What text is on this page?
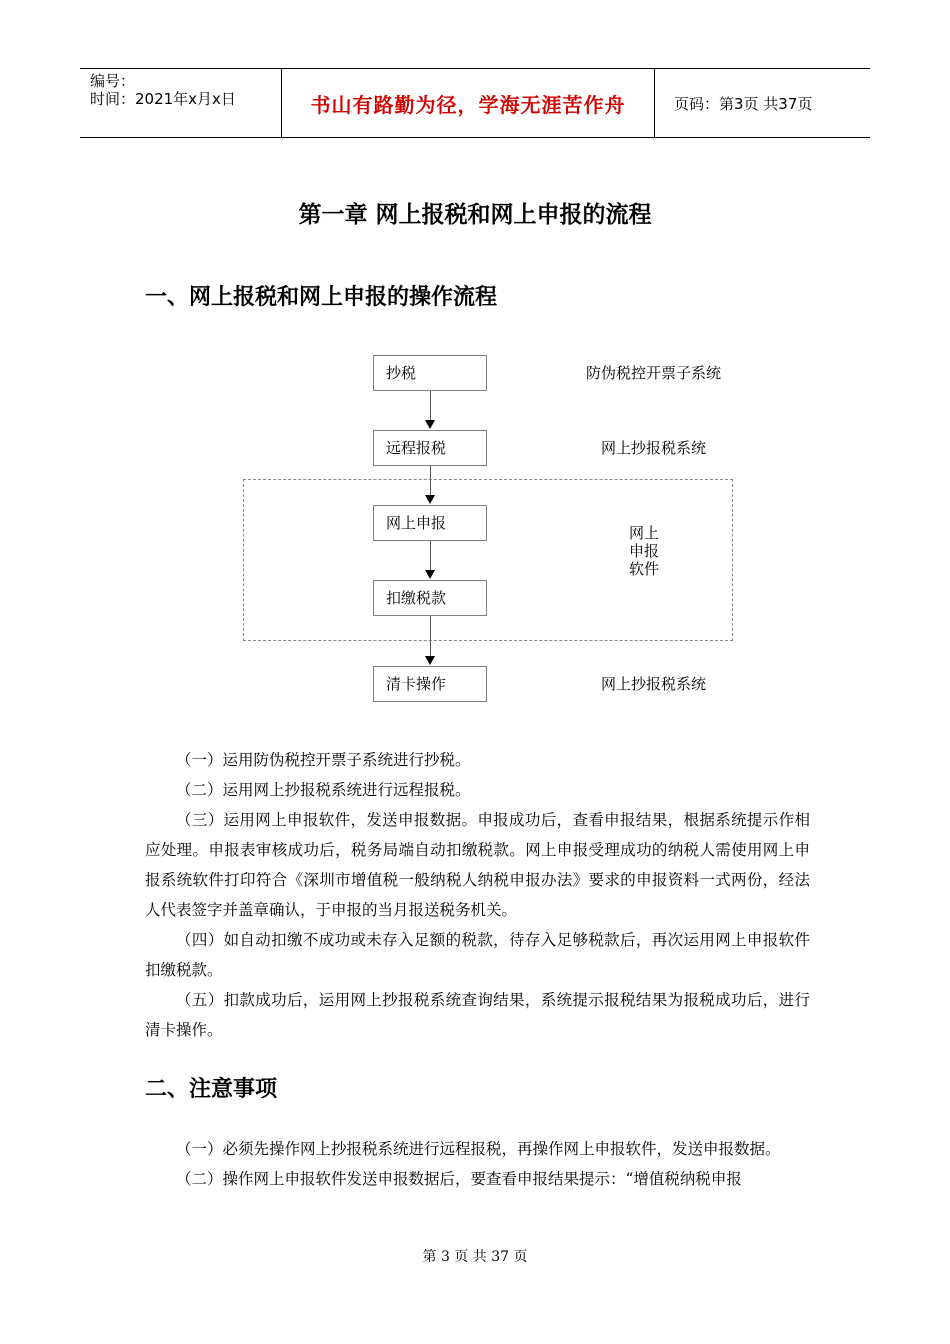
编号：
时间：2021年x月x日	书山有路勤为径，学海无涯苦作舟	页码：第3页 共37页
第一章 网上报税和网上申报的流程
一、网上报税和网上申报的操作流程
抄税
远程报税
网上申报
扣缴税款
清卡操作
防伪税控开票子系统
网上抄报税系统
网上
申报
软件
网上抄报税系统

（一）运用防伪税控开票子系统进行抄税。

（二）运用网上抄报税系统进行远程报税。

（三）运用网上申报软件，发送申报数据。申报成功后，查看申报结果，根据系统提示作相应处理。申报表审核成功后，税务局端自动扣缴税款。网上申报受理成功的纳税人需使用网上申报系统软件打印符合《深圳市增值税一般纳税人纳税申报办法》要求的申报资料一式两份，经法人代表签字并盖章确认，于申报的当月报送税务机关。

（四）如自动扣缴不成功或未存入足额的税款，待存入足够税款后，再次运用网上申报软件扣缴税款。

（五）扣款成功后，运用网上抄报税系统查询结果，系统提示报税结果为报税成功后，进行清卡操作。

二、注意事项

（一）必须先操作网上抄报税系统进行远程报税，再操作网上申报软件，发送申报数据。

（二）操作网上申报软件发送申报数据后，要查看申报结果提示：“增值税纳税申报

第 3 页 共 37 页
